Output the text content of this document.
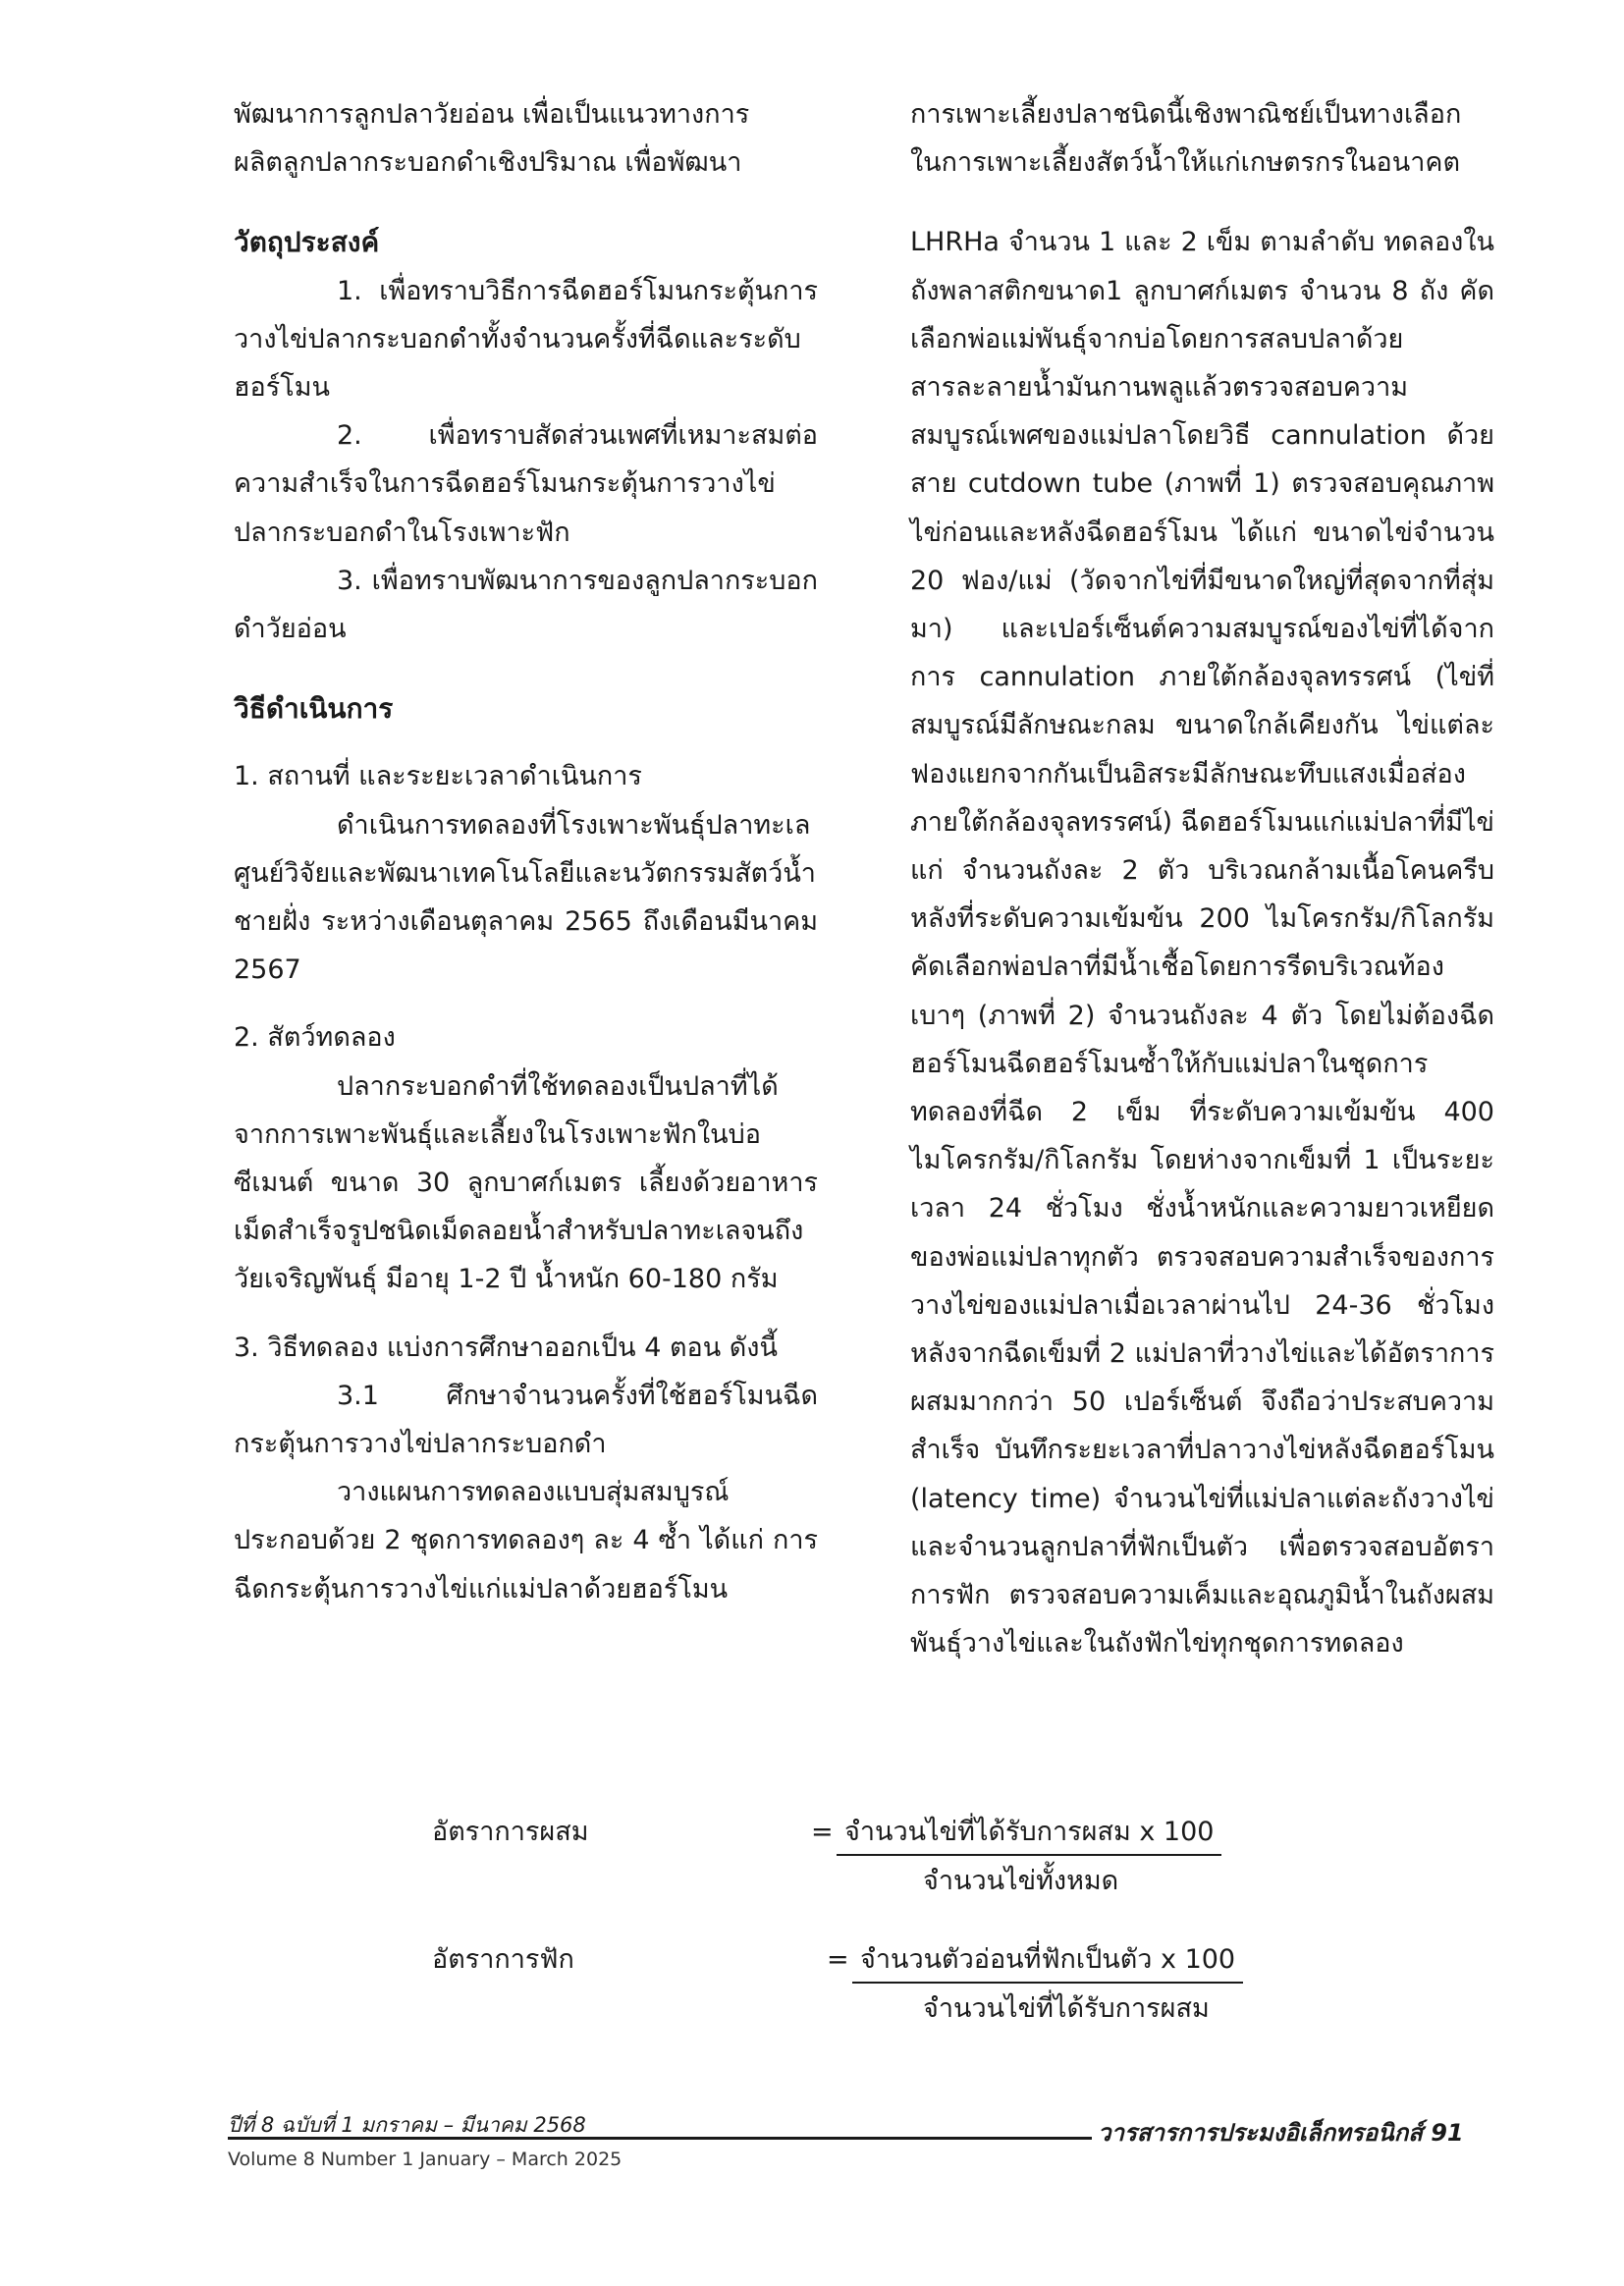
พัฒนาการลูกปลาวัยอ่อน เพื่อเป็นแนวทางการ

ผลิตลูกปลากระบอกดำเชิงปริมาณ เพื่อพัฒนา

วัตถุประสงค์

1. เพื่อทราบวิธีการฉีดฮอร์โมนกระตุ้นการวางไข่ปลากระบอกดำทั้งจำนวนครั้งที่ฉีดและระดับฮอร์โมน

2. เพื่อทราบสัดส่วนเพศที่เหมาะสมต่อความสำเร็จในการฉีดฮอร์โมนกระตุ้นการวางไข่ปลากระบอกดำในโรงเพาะฟัก

3. เพื่อทราบพัฒนาการของลูกปลากระบอกดำวัยอ่อน

วิธีดำเนินการ

1. สถานที่ และระยะเวลาดำเนินการ

ดำเนินการทดลองที่โรงเพาะพันธุ์ปลาทะเล ศูนย์วิจัยและพัฒนาเทคโนโลยีและนวัตกรรมสัตว์น้ำชายฝั่ง ระหว่างเดือนตุลาคม 2565 ถึงเดือนมีนาคม 2567

2. สัตว์ทดลอง

ปลากระบอกดำที่ใช้ทดลองเป็นปลาที่ได้จากการเพาะพันธุ์และเลี้ยงในโรงเพาะฟักในบ่อซีเมนต์ ขนาด 30 ลูกบาศก์เมตร เลี้ยงด้วยอาหารเม็ดสำเร็จรูปชนิดเม็ดลอยน้ำสำหรับปลาทะเลจนถึงวัยเจริญพันธุ์ มีอายุ 1-2 ปี น้ำหนัก 60-180 กรัม

3. วิธีทดลอง แบ่งการศึกษาออกเป็น 4 ตอน ดังนี้

3.1 ศึกษาจำนวนครั้งที่ใช้ฮอร์โมนฉีดกระตุ้นการวางไข่ปลากระบอกดำ

วางแผนการทดลองแบบสุ่มสมบูรณ์ ประกอบด้วย 2 ชุดการทดลองๆ ละ 4 ซ้ำ ได้แก่ การฉีดกระตุ้นการวางไข่แก่แม่ปลาด้วยฮอร์โมน

การเพาะเลี้ยงปลาชนิดนี้เชิงพาณิชย์เป็นทางเลือก

ในการเพาะเลี้ยงสัตว์น้ำให้แก่เกษตรกรในอนาคต

LHRHa จำนวน 1 และ 2 เข็ม ตามลำดับ ทดลองในถังพลาสติกขนาด1 ลูกบาศก์เมตร จำนวน 8 ถัง คัดเลือกพ่อแม่พันธุ์จากบ่อโดยการสลบปลาด้วยสารละลายน้ำมันกานพลูแล้วตรวจสอบความสมบูรณ์เพศของแม่ปลาโดยวิธี cannulation ด้วยสาย cutdown tube (ภาพที่ 1) ตรวจสอบคุณภาพไข่ก่อนและหลังฉีดฮอร์โมน ได้แก่ ขนาดไข่จำนวน 20 ฟอง/แม่ (วัดจากไข่ที่มีขนาดใหญ่ที่สุดจากที่สุ่มมา) และเปอร์เซ็นต์ความสมบูรณ์ของไข่ที่ได้จากการ cannulation ภายใต้กล้องจุลทรรศน์ (ไข่ที่สมบูรณ์มีลักษณะกลม ขนาดใกล้เคียงกัน ไข่แต่ละฟองแยกจากกันเป็นอิสระมีลักษณะทึบแสงเมื่อส่องภายใต้กล้องจุลทรรศน์) ฉีดฮอร์โมนแก่แม่ปลาที่มีไข่แก่ จำนวนถังละ 2 ตัว บริเวณกล้ามเนื้อโคนครีบหลังที่ระดับความเข้มข้น 200 ไมโครกรัม/กิโลกรัม คัดเลือกพ่อปลาที่มีน้ำเชื้อโดยการรีดบริเวณท้องเบาๆ (ภาพที่ 2) จำนวนถังละ 4 ตัว โดยไม่ต้องฉีดฮอร์โมนฉีดฮอร์โมนซ้ำให้กับแม่ปลาในชุดการทดลองที่ฉีด 2 เข็ม ที่ระดับความเข้มข้น 400 ไมโครกรัม/กิโลกรัม โดยห่างจากเข็มที่ 1 เป็นระยะเวลา 24 ชั่วโมง ชั่งน้ำหนักและความยาวเหยียดของพ่อแม่ปลาทุกตัว ตรวจสอบความสำเร็จของการวางไข่ของแม่ปลาเมื่อเวลาผ่านไป 24-36 ชั่วโมง หลังจากฉีดเข็มที่ 2 แม่ปลาที่วางไข่และได้อัตราการผสมมากกว่า 50 เปอร์เซ็นต์ จึงถือว่าประสบความสำเร็จ บันทึกระยะเวลาที่ปลาวางไข่หลังฉีดฮอร์โมน (latency time) จำนวนไข่ที่แม่ปลาแต่ละถังวางไข่และจำนวนลูกปลาที่ฟักเป็นตัว เพื่อตรวจสอบอัตราการฟัก ตรวจสอบความเค็มและอุณภูมิน้ำในถังผสมพันธุ์วางไข่และในถังฟักไข่ทุกชุดการทดลอง

อัตราการผสม	= จำนวนไข่ที่ได้รับการผสม x 100
จำนวนไข่ทั้งหมด
อัตราการฟัก	= จำนวนตัวอ่อนที่ฟักเป็นตัว x 100
จำนวนไข่ที่ได้รับการผสม
ปีที่ 8 ฉบับที่ 1 มกราคม – มีนาคม 2568
Volume 8 Number 1 January – March 2025
วารสารการประมงอิเล็กทรอนิกส์ 91
